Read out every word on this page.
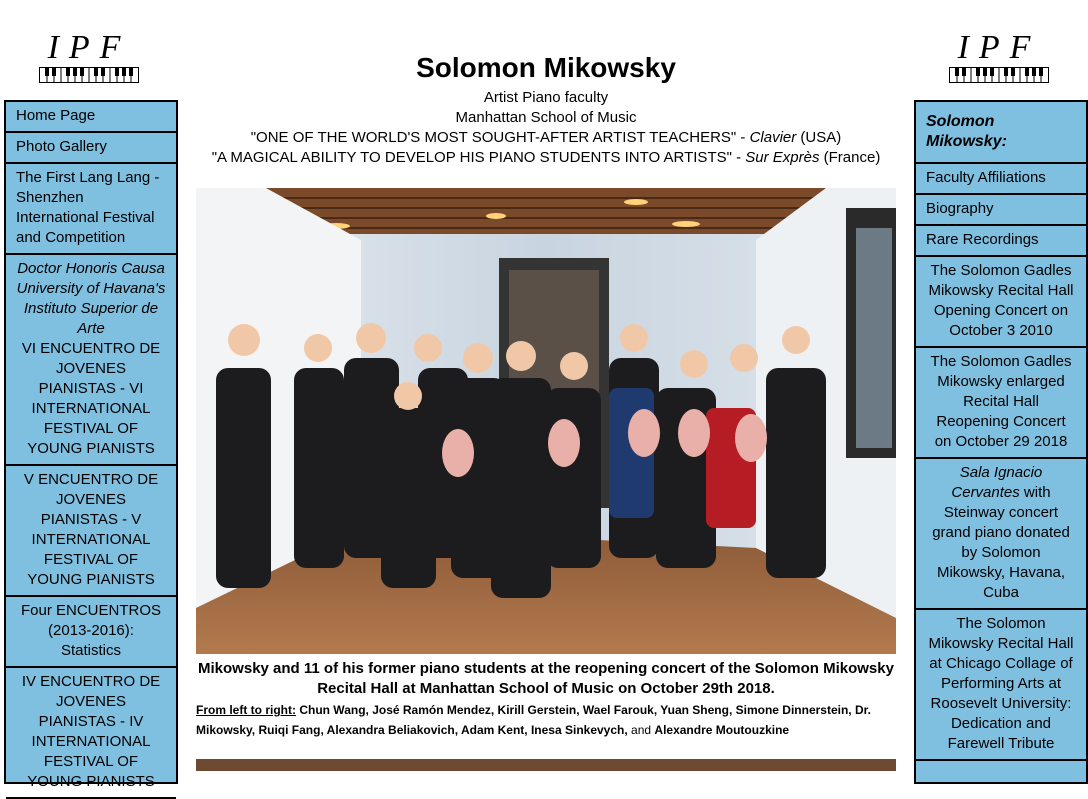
IPF	IPF
Home Page
Photo Gallery
The First Lang Lang - Shenzhen International Festival and Competition
Doctor Honoris Causa University of Havana's Instituto Superior de Arte
VI ENCUENTRO DE JOVENES PIANISTAS - VI INTERNATIONAL FESTIVAL OF YOUNG PIANISTS
V ENCUENTRO DE JOVENES PIANISTAS - V INTERNATIONAL FESTIVAL OF YOUNG PIANISTS
Four ENCUENTROS (2013-2016): Statistics
IV ENCUENTRO DE JOVENES PIANISTAS - IV INTERNATIONAL FESTIVAL OF YOUNG PIANISTS
Solomon Mikowsky:
Faculty Affiliations
Biography
Rare Recordings
The Solomon Gadles Mikowsky Recital Hall Opening Concert on October 3 2010
The Solomon Gadles Mikowsky enlarged Recital Hall Reopening Concert on October 29 2018
Sala Ignacio Cervantes with Steinway concert grand piano donated by Solomon Mikowsky, Havana, Cuba
The Solomon Mikowsky Recital Hall at Chicago Collage of Performing Arts at Roosevelt University: Dedication and Farewell Tribute
Solomon Mikowsky
Artist Piano faculty
Manhattan School of Music
"ONE OF THE WORLD'S MOST SOUGHT-AFTER ARTIST TEACHERS" - Clavier (USA)
"A MAGICAL ABILITY TO DEVELOP HIS PIANO STUDENTS INTO ARTISTS" - Sur Exprès (France)
Mikowsky and 11 of his former piano students at the reopening concert of the Solomon Mikowsky Recital Hall at Manhattan School of Music on October 29th 2018.
From left to right: Chun Wang, José Ramón Mendez, Kirill Gerstein, Wael Farouk, Yuan Sheng, Simone Dinnerstein, Dr. Mikowsky, Ruiqi Fang, Alexandra Beliakovich, Adam Kent, Inesa Sinkevych, and Alexandre Moutouzkine
